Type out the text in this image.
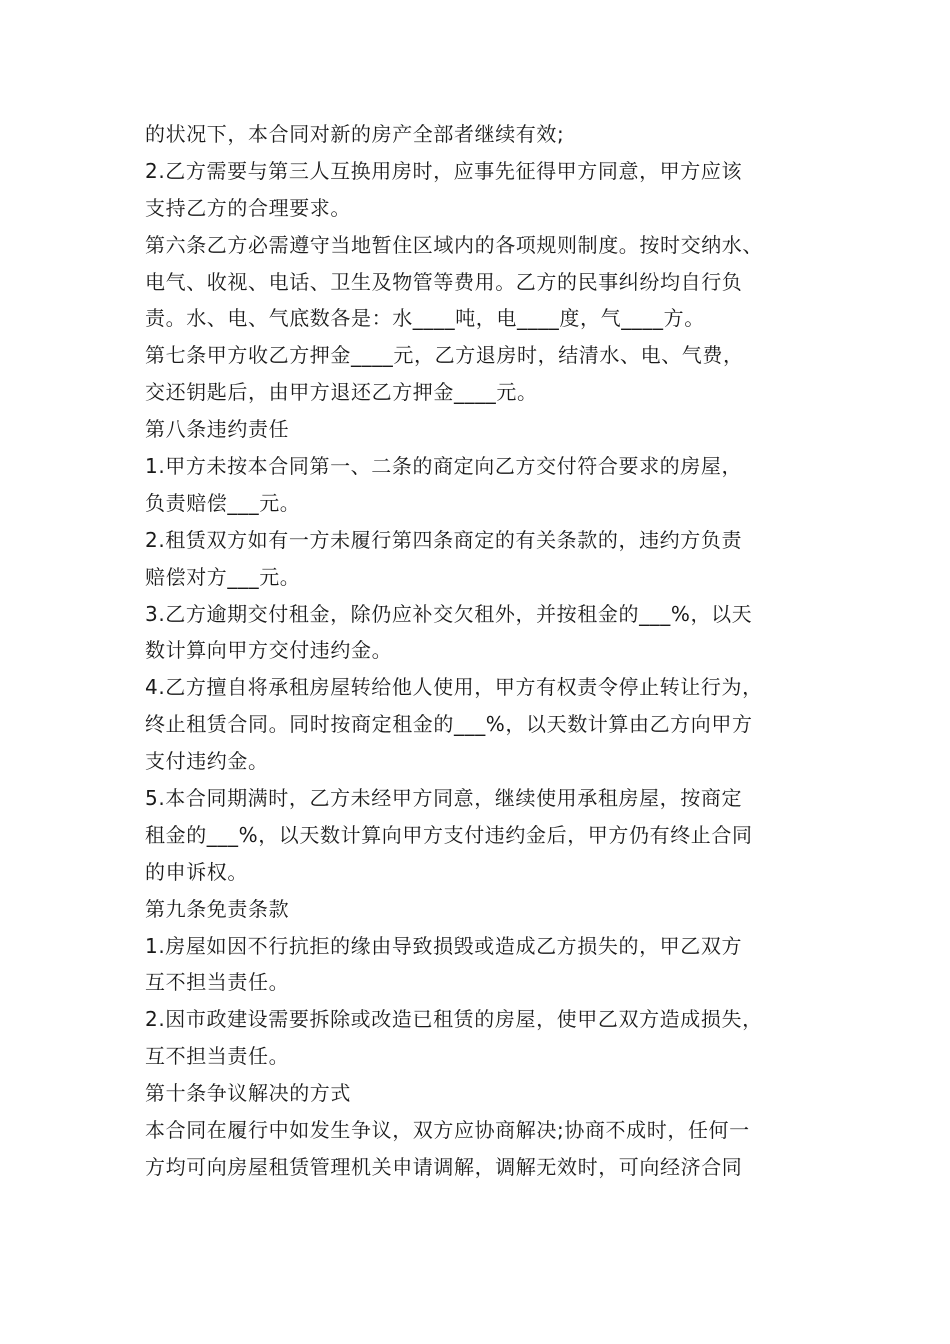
的状况下，本合同对新的房产全部者继续有效;
2.乙方需要与第三人互换用房时，应事先征得甲方同意，甲方应该
支持乙方的合理要求。
第六条乙方必需遵守当地暂住区域内的各项规则制度。按时交纳水、
电气、收视、电话、卫生及物管等费用。乙方的民事纠纷均自行负
责。水、电、气底数各是：水____吨，电____度，气____方。
第七条甲方收乙方押金____元，乙方退房时，结清水、电、气费，
交还钥匙后，由甲方退还乙方押金____元。
第八条违约责任
1.甲方未按本合同第一、二条的商定向乙方交付符合要求的房屋，
负责赔偿___元。
2.租赁双方如有一方未履行第四条商定的有关条款的，违约方负责
赔偿对方___元。
3.乙方逾期交付租金，除仍应补交欠租外，并按租金的___%，以天
数计算向甲方交付违约金。
4.乙方擅自将承租房屋转给他人使用，甲方有权责令停止转让行为，
终止租赁合同。同时按商定租金的___%，以天数计算由乙方向甲方
支付违约金。
5.本合同期满时，乙方未经甲方同意，继续使用承租房屋，按商定
租金的___%，以天数计算向甲方支付违约金后，甲方仍有终止合同
的申诉权。
第九条免责条款
1.房屋如因不行抗拒的缘由导致损毁或造成乙方损失的，甲乙双方
互不担当责任。
2.因市政建设需要拆除或改造已租赁的房屋，使甲乙双方造成损失，
互不担当责任。
第十条争议解决的方式
本合同在履行中如发生争议，双方应协商解决;协商不成时，任何一
方均可向房屋租赁管理机关申请调解，调解无效时，可向经济合同
